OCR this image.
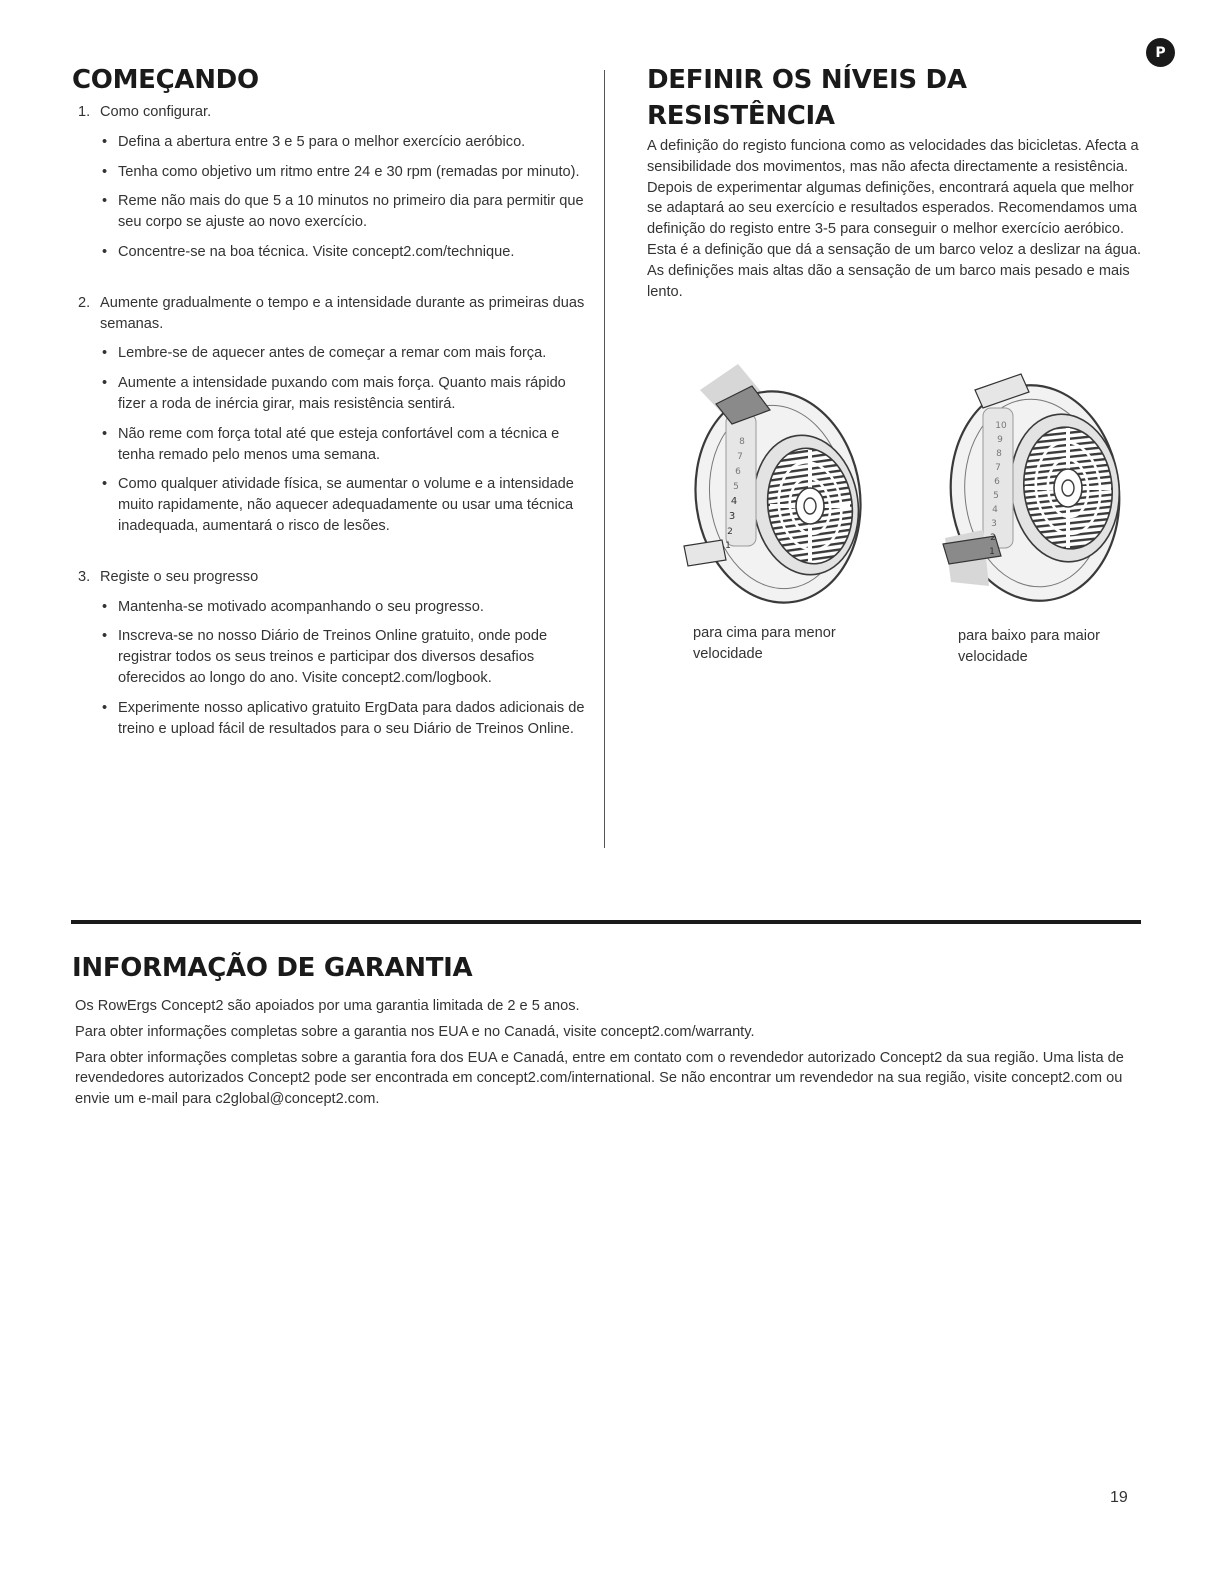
P
COMEÇANDO
1. Como configurar.
• Defina a abertura entre 3 e 5 para o melhor exercício aeróbico.
• Tenha como objetivo um ritmo entre 24 e 30 rpm (remadas por minuto).
• Reme não mais do que 5 a 10 minutos no primeiro dia para permitir que seu corpo se ajuste ao novo exercício.
• Concentre-se na boa técnica. Visite concept2.com/technique.
2. Aumente gradualmente o tempo e a intensidade durante as primeiras duas semanas.
• Lembre-se de aquecer antes de começar a remar com mais força.
• Aumente a intensidade puxando com mais força. Quanto mais rápido fizer a roda de inércia girar, mais resistência sentirá.
• Não reme com força total até que esteja confortável com a técnica e tenha remado pelo menos uma semana.
• Como qualquer atividade física, se aumentar o volume e a intensidade muito rapidamente, não aquecer adequadamente ou usar uma técnica inadequada, aumentará o risco de lesões.
3. Registe o seu progresso
• Mantenha-se motivado acompanhando o seu progresso.
• Inscreva-se no nosso Diário de Treinos Online gratuito, onde pode registrar todos os seus treinos e participar dos diversos desafios oferecidos ao longo do ano. Visite concept2.com/logbook.
• Experimente nosso aplicativo gratuito ErgData para dados adicionais de treino e upload fácil de resultados para o seu Diário de Treinos Online.
DEFINIR OS NÍVEIS DA RESISTÊNCIA

A definição do registo funciona como as velocidades das bicicletas. Afecta a sensibilidade dos movimentos, mas não afecta directamente a resistência. Depois de experimentar algumas definições, encontrará aquela que melhor se adaptará ao seu exercício e resultados esperados. Recomendamos uma definição do registo entre 3-5 para conseguir o melhor exercício aeróbico. Esta é a definição que dá a sensação de um barco veloz a deslizar na água. As definições mais altas dão a sensação de um barco mais pesado e mais lento.

8
7
6
5
4
3
2
1
para cima para menor velocidade
10
9
8
7
6
5
4
3
2
1
para baixo para maior velocidade
INFORMAÇÃO DE GARANTIA

Os RowErgs Concept2 são apoiados por uma garantia limitada de 2 e 5 anos.

Para obter informações completas sobre a garantia nos EUA e no Canadá, visite concept2.com/warranty.

Para obter informações completas sobre a garantia fora dos EUA e Canadá, entre em contato com o revendedor autorizado Concept2 da sua região. Uma lista de revendedores autorizados Concept2 pode ser encontrada em concept2.com/international. Se não encontrar um revendedor na sua região, visite concept2.com ou envie um e-mail para c2global@concept2.com.

19
